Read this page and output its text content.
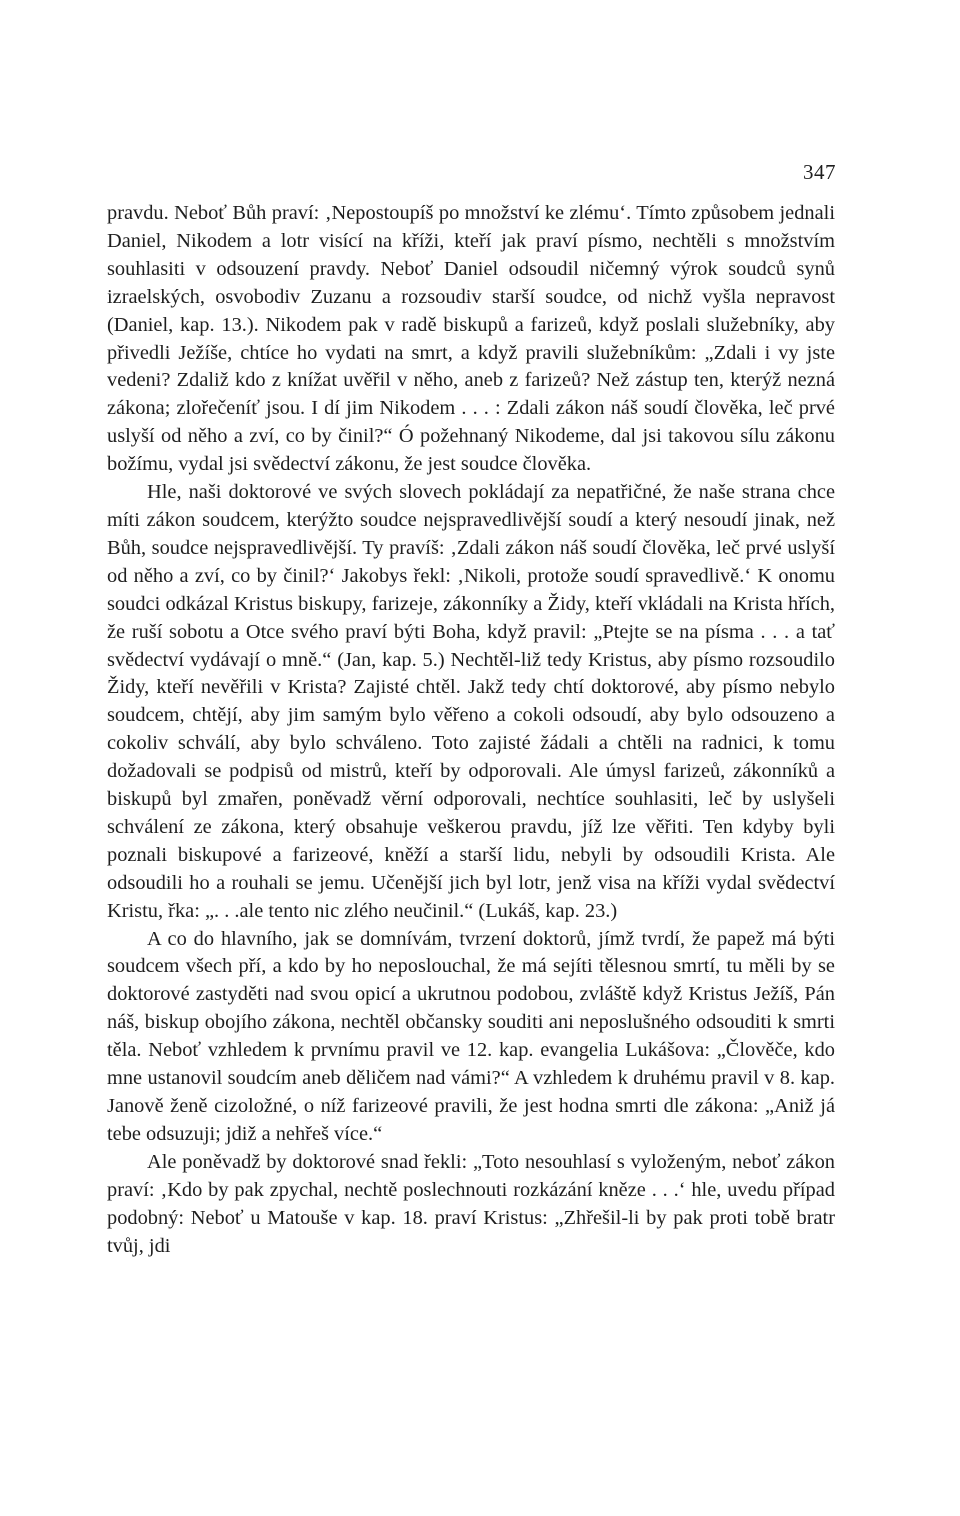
347

pravdu. Neboť Bůh praví: ‚Nepostoupíš po množství ke zlému‘. Tímto způsobem jednali Daniel, Nikodem a lotr visící na kříži, kteří jak praví písmo, nechtěli s množstvím souhlasiti v odsouzení pravdy. Neboť Daniel odsoudil ničemný výrok soudců synů izraelských, osvobodiv Zuzanu a rozsoudiv starší soudce, od nichž vyšla nepravost (Daniel, kap. 13.). Nikodem pak v radě biskupů a farizeů, když poslali služebníky, aby přivedli Ježíše, chtíce ho vydati na smrt, a když pravili služebníkům: „Zdali i vy jste vedeni? Zdaliž kdo z knížat uvěřil v něho, aneb z farizeů? Než zástup ten, kterýž nezná zákona; zlořečeníť jsou. I dí jim Nikodem . . . : Zdali zákon náš soudí člověka, leč prvé uslyší od něho a zví, co by činil?“ Ó požehnaný Nikodeme, dal jsi takovou sílu zákonu božímu, vydal jsi svědectví zákonu, že jest soudce člověka.

Hle, naši doktorové ve svých slovech pokládají za nepatřičné, že naše strana chce míti zákon soudcem, kterýžto soudce nejspravedlivější soudí a který nesoudí jinak, než Bůh, soudce nejspravedlivější. Ty pravíš: ‚Zdali zákon náš soudí člověka, leč prvé uslyší od něho a zví, co by činil?‘ Jakobys řekl: ‚Nikoli, protože soudí spravedlivě.‘ K onomu soudci odkázal Kristus biskupy, farizeje, zákonníky a Židy, kteří vkládali na Krista hřích, že ruší sobotu a Otce svého praví býti Boha, když pravil: „Ptejte se na písma . . . a tať svědectví vydávají o mně.“ (Jan, kap. 5.) Nechtěl-liž tedy Kristus, aby písmo rozsoudilo Židy, kteří nevěřili v Krista? Zajisté chtěl. Jakž tedy chtí doktorové, aby písmo nebylo soudcem, chtějí, aby jim samým bylo věřeno a cokoli odsoudí, aby bylo odsouzeno a cokoliv schválí, aby bylo schváleno. Toto zajisté žádali a chtěli na radnici, k tomu dožadovali se podpisů od mistrů, kteří by odporovali. Ale úmysl farizeů, zákonníků a biskupů byl zmařen, poněvadž věrní odporovali, nechtíce souhlasiti, leč by uslyšeli schválení ze zákona, který obsahuje veškerou pravdu, jíž lze věřiti. Ten kdyby byli poznali biskupové a farizeové, kněží a starší lidu, nebyli by odsoudili Krista. Ale odsoudili ho a rouhali se jemu. Učenější jich byl lotr, jenž visa na kříži vydal svědectví Kristu, řka: „. . .ale tento nic zlého neučinil.“ (Lukáš, kap. 23.)

A co do hlavního, jak se domnívám, tvrzení doktorů, jímž tvrdí, že papež má býti soudcem všech pří, a kdo by ho neposlouchal, že má sejíti tělesnou smrtí, tu měli by se doktorové zastyděti nad svou opicí a ukrutnou podobou, zvláště když Kristus Ježíš, Pán náš, biskup obojího zákona, nechtěl občansky souditi ani neposlušného odsouditi k smrti těla. Neboť vzhledem k prvnímu pravil ve 12. kap. evangelia Lukášova: „Člověče, kdo mne ustanovil soudcím aneb děličem nad vámi?“ A vzhledem k druhému pravil v 8. kap. Janově ženě cizoložné, o níž farizeové pravili, že jest hodna smrti dle zákona: „Aniž já tebe odsuzuji; jdiž a nehřeš více.“

Ale poněvadž by doktorové snad řekli: „Toto nesouhlasí s vyloženým, neboť zákon praví: ‚Kdo by pak zpychal, nechtě poslechnouti rozkázání kněze . . .‘ hle, uvedu případ podobný: Neboť u Matouše v kap. 18. praví Kristus: „Zhřešil-li by pak proti tobě bratr tvůj, jdi
